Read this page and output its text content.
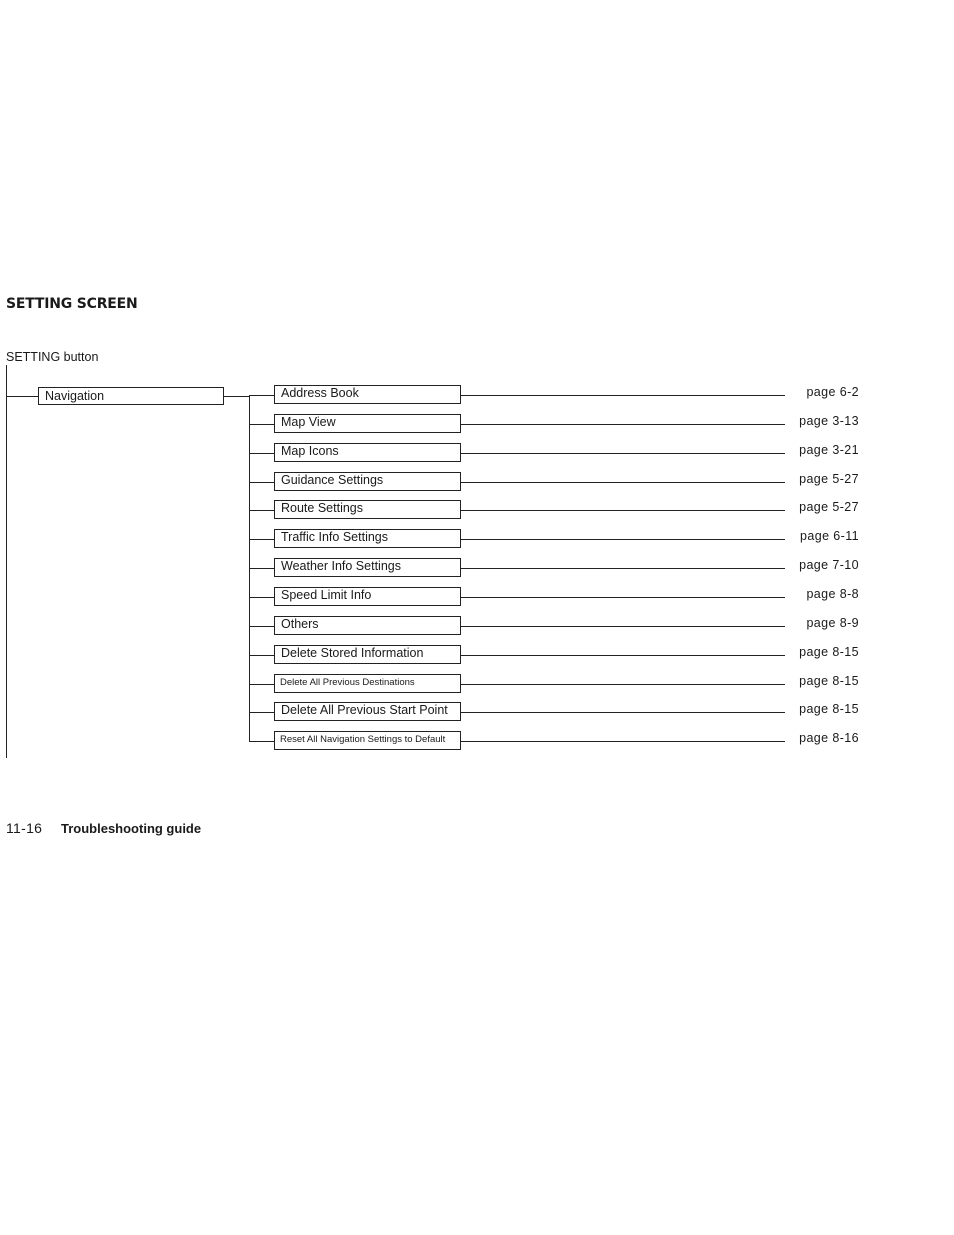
SETTING SCREEN
SETTING button
Navigation	Address Book	page 6-2
Map View	page 3-13
Map Icons	page 3-21
Guidance Settings	page 5-27
Route Settings	page 5-27
Traffic Info Settings	page 6-11
Weather Info Settings	page 7-10
Speed Limit Info	page 8-8
Others	page 8-9
Delete Stored Information	page 8-15
Delete All Previous Destinations	page 8-15
Delete All Previous Start Point	page 8-15
Reset All Navigation Settings to Default	page 8-16
11-16 Troubleshooting guide
